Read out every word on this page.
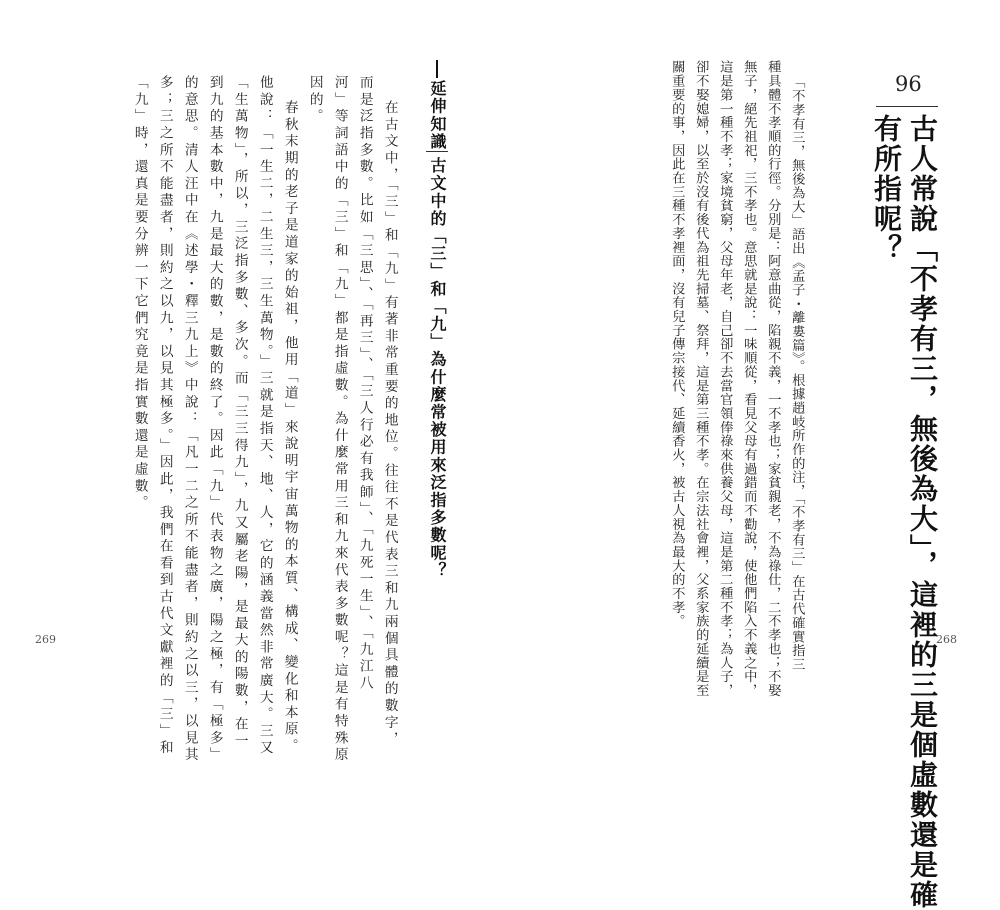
96
古人常說「不孝有三，無後為大」，這裡的三是個虛數還是確
有所指呢？
「不孝有三，無後為大」語出《孟子・離婁篇》。根據趙岐所作的注，「不孝有三」在古代確實指三
種具體不孝順的行徑。分別是：阿意曲從，陷親不義，一不孝也；家貧親老，不為祿仕，二不孝也；不娶
無子，絕先祖祀，三不孝也。意思就是說：一味順從，看見父母有過錯而不勸說，使他們陷入不義之中，
這是第一種不孝；家境貧窮，父母年老，自己卻不去當官領俸祿來供養父母，這是第二種不孝；為人子，
卻不娶媳婦，以至於沒有後代為祖先掃墓、祭拜，這是第三種不孝。在宗法社會裡，父系家族的延續是至
關重要的事，因此在三種不孝裡面，沒有兒子傳宗接代、延續香火，被古人視為最大的不孝。
268
延伸知識
古文中的「三」和「九」為什麼常被用來泛指多數呢？
在古文中，「三」和「九」有著非常重要的地位。往往不是代表三和九兩個具體的數字，
而是泛指多數。比如「三思」、「再三」、「三人行必有我師」、「九死一生」、「九江八
河」等詞語中的「三」和「九」都是指虛數。為什麼常用三和九來代表多數呢？這是有特殊原
因的。
春秋末期的老子是道家的始祖，他用「道」來說明宇宙萬物的本質、構成、變化和本原。
他說：「一生二，二生三，三生萬物。」三就是指天、地、人，它的涵義當然非常廣大。三又
「生萬物」，所以，三泛指多數、多次。而「三三得九」，九又屬老陽，是最大的陽數，在一
到九的基本數中，九是最大的數，是數的終了。因此「九」代表物之廣，陽之極，有「極多」
的意思。清人汪中在《述學・釋三九上》中說：「凡一二之所不能盡者，則約之以三，以見其
多；三之所不能盡者，則約之以九，以見其極多。」因此，我們在看到古代文獻裡的「三」和
「九」時，還真是要分辨一下它們究竟是指實數還是虛數。
269
